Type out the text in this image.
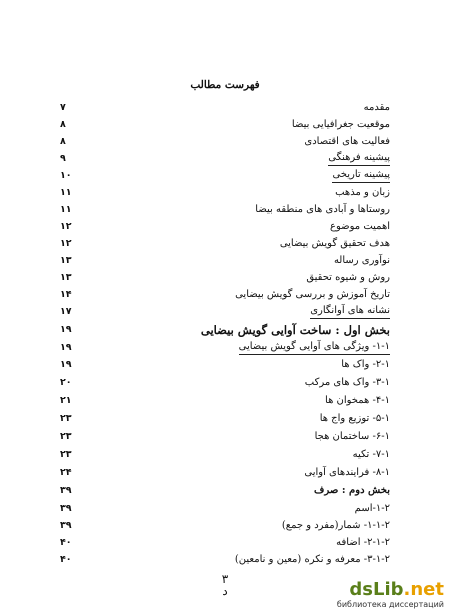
فهرست مطالب
مقدمه
۷
موقعیت جغرافیایی بیضا
۸
فعالیت های اقتصادی
۸
پیشینه فرهنگی
۹
پیشینه تاریخی
۱۰
زبان و مذهب
۱۱
روستاها و آبادی های منطقه بیضا
۱۱
اهمیت موضوع
۱۲
هدف تحقیق گویش بیضایی
۱۲
نوآوری رساله
۱۳
روش و شیوه تحقیق
۱۳
تاریخ آموزش و بررسی گویش بیضایی
۱۴
نشانه های آوانگاری
۱۷
بخش اول : ساخت آوایی گویش بیضایی
۱۹
۱-۱- ویژگی های آوایی گویش بیضایی
۱۹
۲-۱- واک ها
۱۹
۳-۱- واک های مرکب
۲۰
۴-۱- همخوان ها
۲۱
۵-۱- توزیع واج ها
۲۳
۶-۱- ساختمان هجا
۲۳
۷-۱- تکیه
۲۳
۸-۱- فرایندهای آوایی
۲۴
بخش دوم : صرف
۳۹
۱-۲-اسم
۳۹
۱-۱-۲- شمار(مفرد و جمع)
۳۹
۲-۱-۲- اضافه
۴۰
۳-۱-۲- معرفه و نکره (معین و نامعین)
۴۰
۳
د	dsLib.net
библиотека диссертаций
